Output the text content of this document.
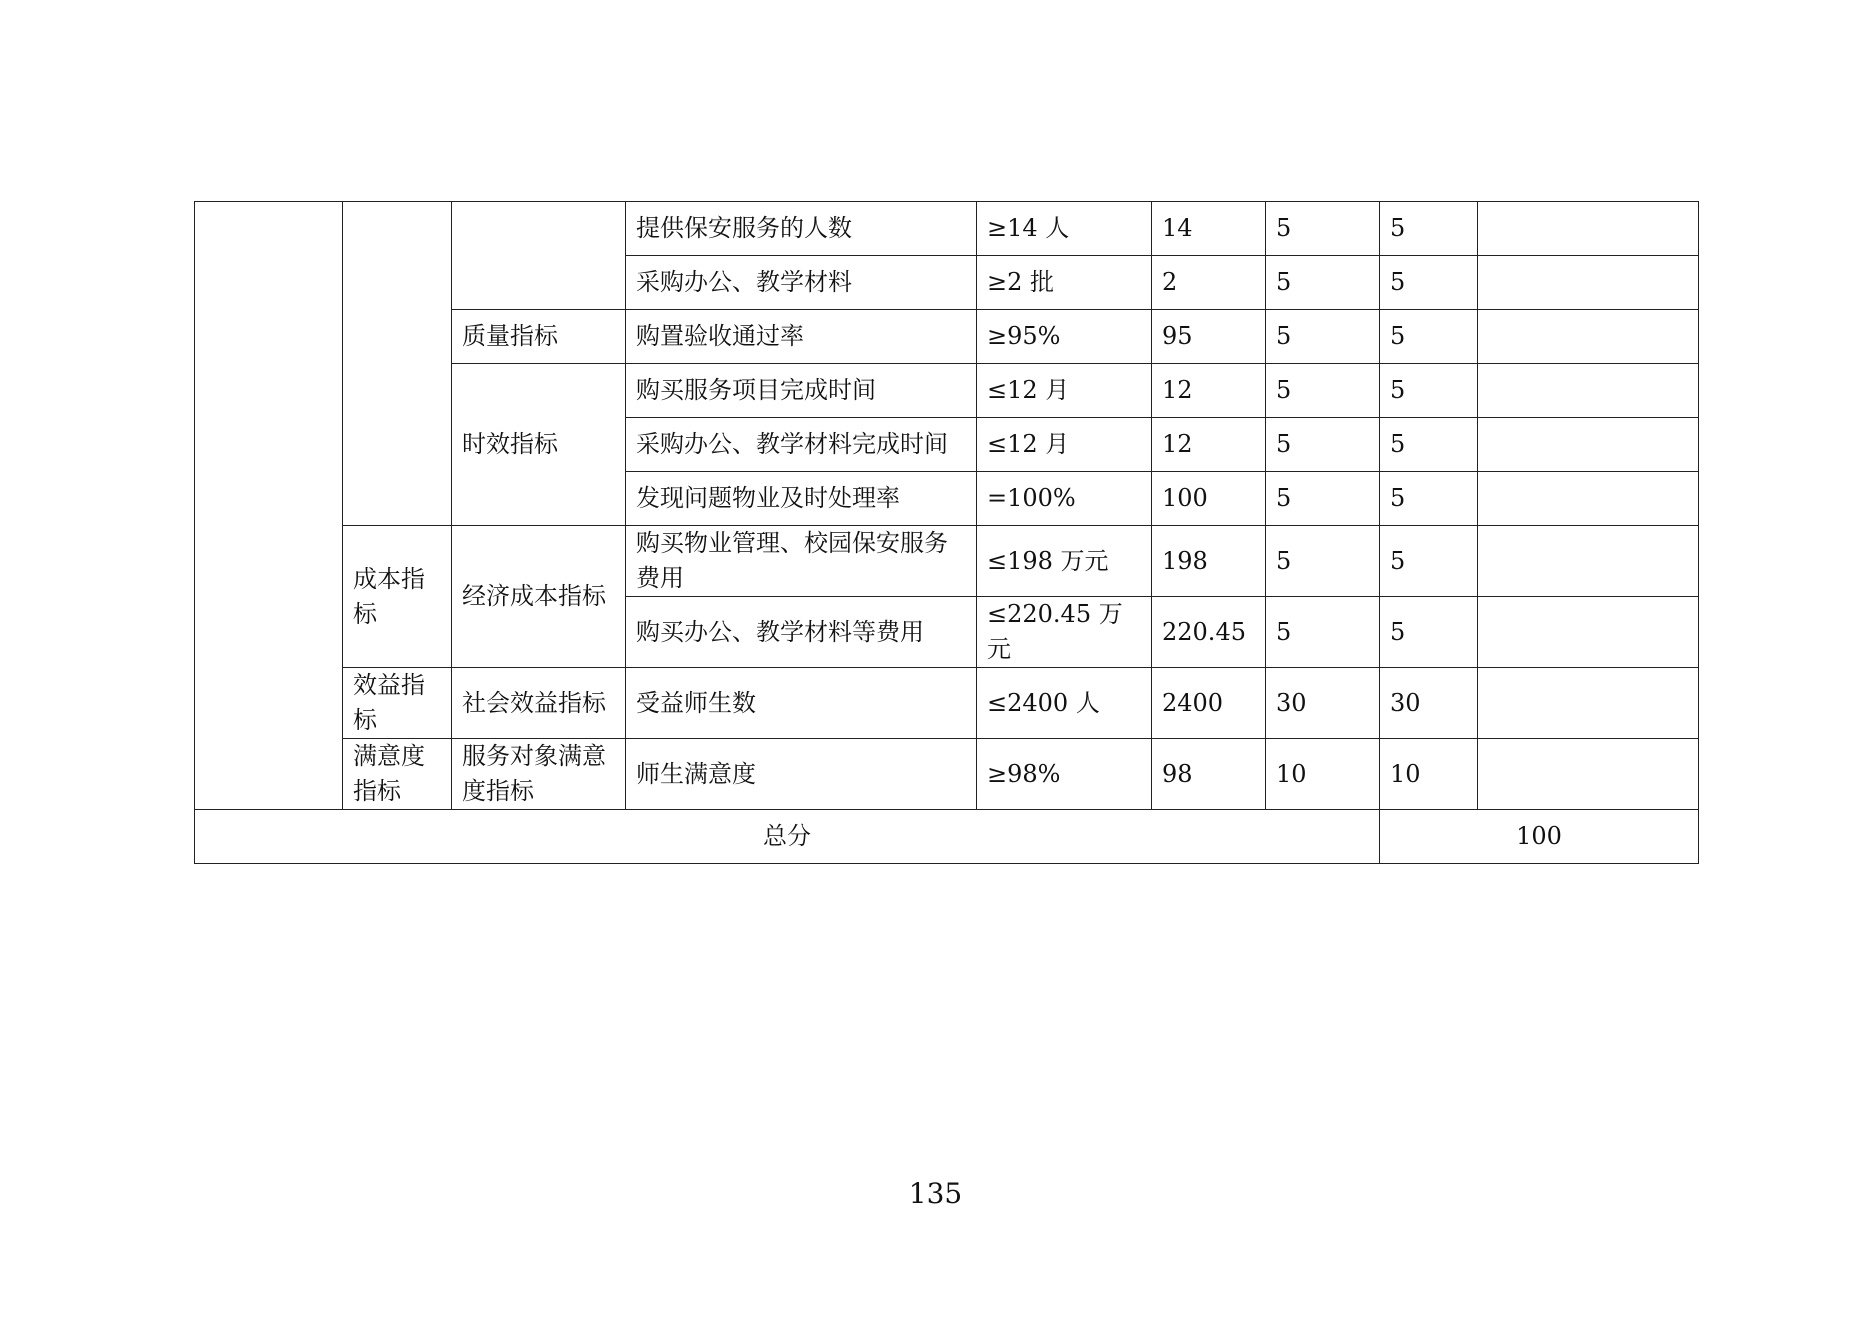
			提供保安服务的人数	≥14 人	14	5	5	
			采购办公、教学材料	≥2 批	2	5	5	
		质量指标	购置验收通过率	≥95%	95	5	5	
		时效指标	购买服务项目完成时间	≤12 月	12	5	5	
			采购办公、教学材料完成时间	≤12 月	12	5	5	
			发现问题物业及时处理率	=100%	100	5	5	
	成本指标	经济成本指标	购买物业管理、校园保安服务费用	≤198 万元	198	5	5	
			购买办公、教学材料等费用	≤220.45 万元	220.45	5	5	
	效益指标	社会效益指标	受益师生数	≤2400 人	2400	30	30	
	满意度指标	服务对象满意度指标	师生满意度	≥98%	98	10	10	
总分							100	
135
